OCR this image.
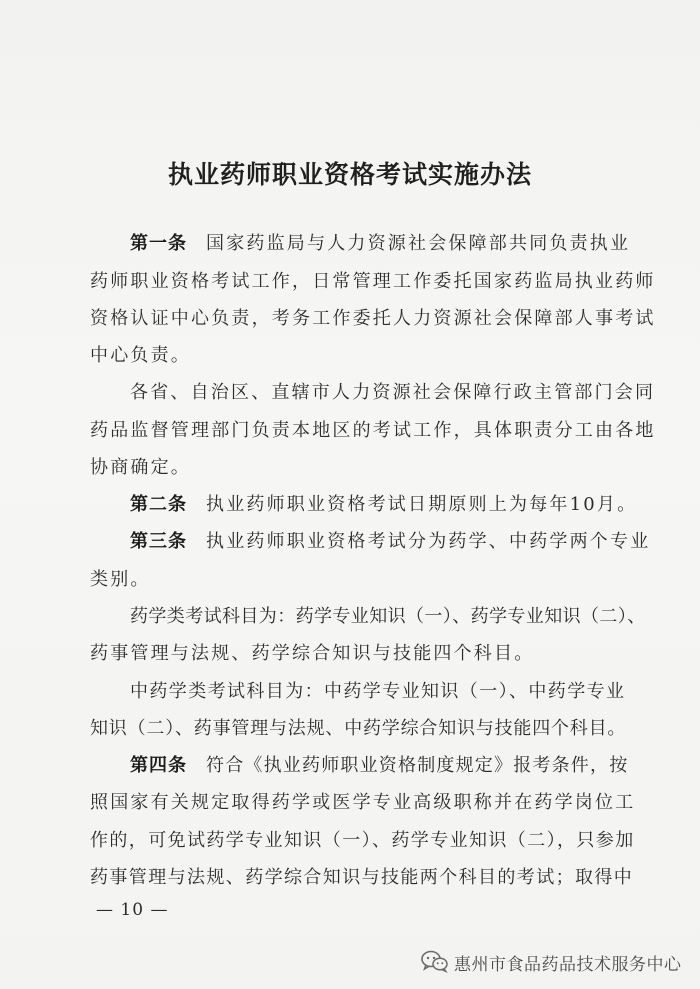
执业药师职业资格考试实施办法
第一条 国家药监局与人力资源社会保障部共同负责执业
药师职业资格考试工作，日常管理工作委托国家药监局执业药师
资格认证中心负责，考务工作委托人力资源社会保障部人事考试
中心负责。
各省、自治区、直辖市人力资源社会保障行政主管部门会同
药品监督管理部门负责本地区的考试工作，具体职责分工由各地
协商确定。
第二条 执业药师职业资格考试日期原则上为每年10月。
第三条 执业药师职业资格考试分为药学、中药学两个专业
类别。
药学类考试科目为：药学专业知识（一）、药学专业知识（二）、
药事管理与法规、药学综合知识与技能四个科目。
中药学类考试科目为：中药学专业知识（一）、中药学专业
知识（二）、药事管理与法规、中药学综合知识与技能四个科目。
第四条 符合《执业药师职业资格制度规定》报考条件，按
照国家有关规定取得药学或医学专业高级职称并在药学岗位工
作的，可免试药学专业知识（一）、药学专业知识（二），只参加
药事管理与法规、药学综合知识与技能两个科目的考试；取得中
— 10 —
惠州市食品药品技术服务中心
